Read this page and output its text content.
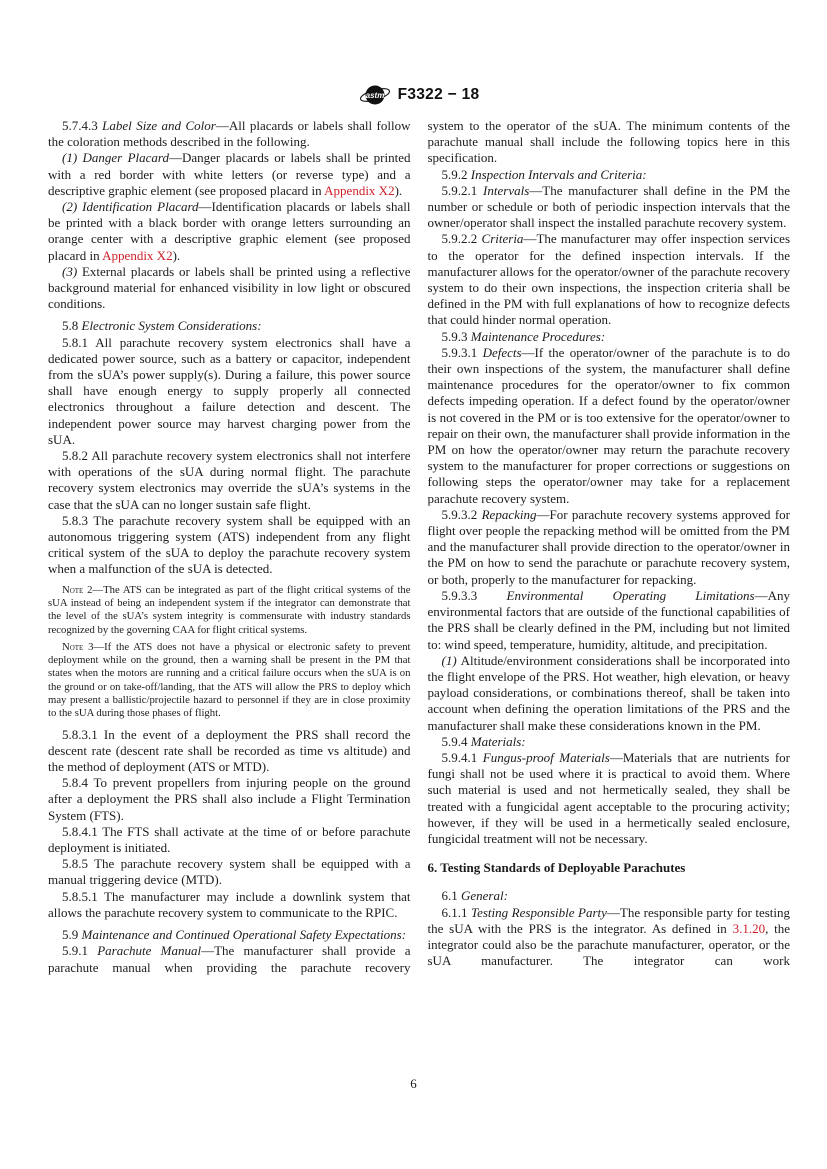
astm F3322 − 18

5.7.4.3 Label Size and Color—All placards or labels shall follow the coloration methods described in the following.

(1) Danger Placard—Danger placards or labels shall be printed with a red border with white letters (or reverse type) and a descriptive graphic element (see proposed placard in Appendix X2).

(2) Identification Placard—Identification placards or labels shall be printed with a black border with orange letters surrounding an orange center with a descriptive graphic element (see proposed placard in Appendix X2).

(3) External placards or labels shall be printed using a reflective background material for enhanced visibility in low light or obscured conditions.

5.8 Electronic System Considerations:

5.8.1 All parachute recovery system electronics shall have a dedicated power source, such as a battery or capacitor, independent from the sUA’s power supply(s). During a failure, this power source shall have enough energy to supply properly all connected electronics throughout a failure detection and descent. The independent power source may harvest charging power from the sUA.

5.8.2 All parachute recovery system electronics shall not interfere with operations of the sUA during normal flight. The parachute recovery system electronics may override the sUA’s systems in the case that the sUA can no longer sustain safe flight.

5.8.3 The parachute recovery system shall be equipped with an autonomous triggering system (ATS) independent from any flight critical system of the sUA to deploy the parachute recovery system when a malfunction of the sUA is detected.

Note 2—The ATS can be integrated as part of the flight critical systems of the sUA instead of being an independent system if the integrator can demonstrate that the level of the sUA’s system integrity is commensurate with industry standards recognized by the governing CAA for flight critical systems.

Note 3—If the ATS does not have a physical or electronic safety to prevent deployment while on the ground, then a warning shall be present in the PM that states when the motors are running and a critical failure occurs when the sUA is on the ground or on take-off/landing, that the ATS will allow the PRS to deploy which may present a ballistic/projectile hazard to personnel if they are in close proximity to the sUA during those phases of flight.

5.8.3.1 In the event of a deployment the PRS shall record the descent rate (descent rate shall be recorded as time vs altitude) and the method of deployment (ATS or MTD).

5.8.4 To prevent propellers from injuring people on the ground after a deployment the PRS shall also include a Flight Termination System (FTS).

5.8.4.1 The FTS shall activate at the time of or before parachute deployment is initiated.

5.8.5 The parachute recovery system shall be equipped with a manual triggering device (MTD).

5.8.5.1 The manufacturer may include a downlink system that allows the parachute recovery system to communicate to the RPIC.

5.9 Maintenance and Continued Operational Safety Expectations:

5.9.1 Parachute Manual—The manufacturer shall provide a parachute manual when providing the parachute recovery

system to the operator of the sUA. The minimum contents of the parachute manual shall include the following topics here in this specification.

5.9.2 Inspection Intervals and Criteria:

5.9.2.1 Intervals—The manufacturer shall define in the PM the number or schedule or both of periodic inspection intervals that the owner/operator shall inspect the installed parachute recovery system.

5.9.2.2 Criteria—The manufacturer may offer inspection services to the operator for the defined inspection intervals. If the manufacturer allows for the operator/owner of the parachute recovery system to do their own inspections, the inspection criteria shall be defined in the PM with full explanations of how to recognize defects that could hinder normal operation.

5.9.3 Maintenance Procedures:

5.9.3.1 Defects—If the operator/owner of the parachute is to do their own inspections of the system, the manufacturer shall define maintenance procedures for the operator/owner to fix common defects impeding operation. If a defect found by the operator/owner is not covered in the PM or is too extensive for the operator/owner to repair on their own, the manufacturer shall provide information in the PM on how the operator/owner may return the parachute recovery system to the manufacturer for proper corrections or suggestions on following steps the operator/owner may take for a replacement parachute recovery system.

5.9.3.2 Repacking—For parachute recovery systems approved for flight over people the repacking method will be omitted from the PM and the manufacturer shall provide direction to the operator/owner in the PM on how to send the parachute or parachute recovery system, or both, properly to the manufacturer for repacking.

5.9.3.3 Environmental Operating Limitations—Any environmental factors that are outside of the functional capabilities of the PRS shall be clearly defined in the PM, including but not limited to: wind speed, temperature, humidity, altitude, and precipitation.

(1) Altitude/environment considerations shall be incorporated into the flight envelope of the PRS. Hot weather, high elevation, or heavy payload considerations, or combinations thereof, shall be taken into account when defining the operation limitations of the PRS and the manufacturer shall make these considerations known in the PM.

5.9.4 Materials:

5.9.4.1 Fungus-proof Materials—Materials that are nutrients for fungi shall not be used where it is practical to avoid them. Where such material is used and not hermetically sealed, they shall be treated with a fungicidal agent acceptable to the procuring activity; however, if they will be used in a hermetically sealed enclosure, fungicidal treatment will not be necessary.

6. Testing Standards of Deployable Parachutes

6.1 General:

6.1.1 Testing Responsible Party—The responsible party for testing the sUA with the PRS is the integrator. As defined in 3.1.20, the integrator could also be the parachute manufacturer, operator, or the sUA manufacturer. The integrator can work

6
